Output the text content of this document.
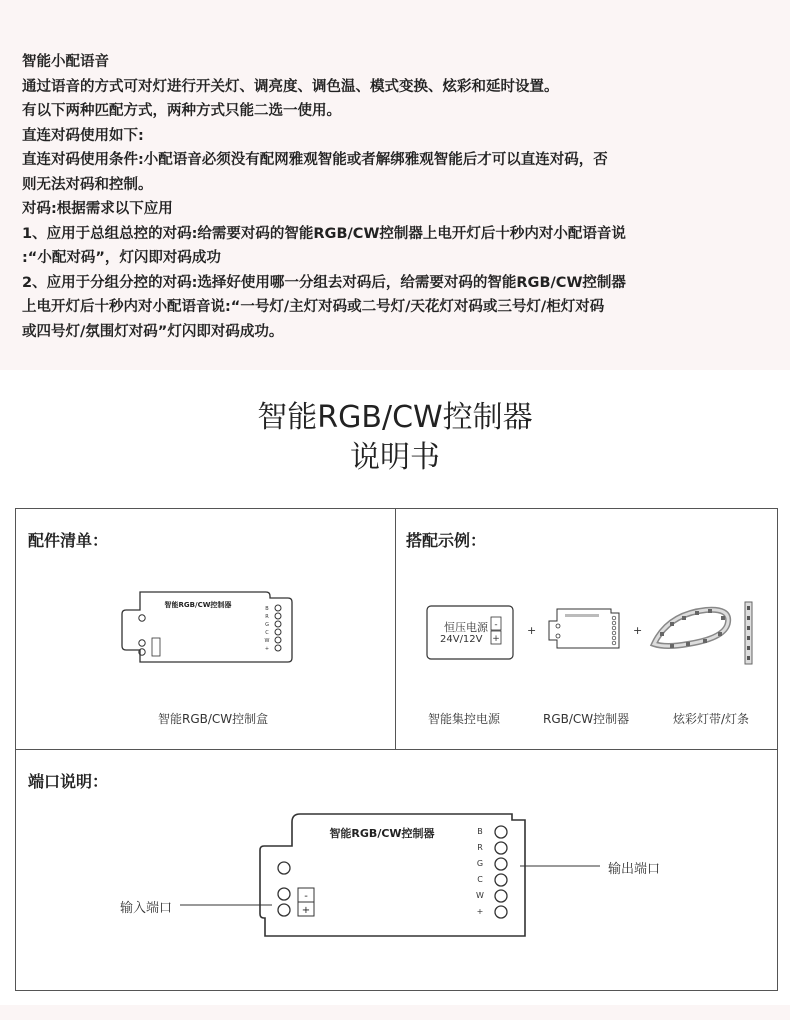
智能小配语音

通过语音的方式可对灯进行开关灯、调亮度、调色温、模式变换、炫彩和延时设置。

有以下两种匹配方式，两种方式只能二选一使用。

直连对码使用如下:

直连对码使用条件:小配语音必须没有配网雅观智能或者解绑雅观智能后才可以直连对码，否

则无法对码和控制。

对码:根据需求以下应用

1、应用于总组总控的对码:给需要对码的智能RGB/CW控制器上电开灯后十秒内对小配语音说

:“小配对码”，灯闪即对码成功

2、应用于分组分控的对码:选择好使用哪一分组去对码后，给需要对码的智能RGB/CW控制器

上电开灯后十秒内对小配语音说:“一号灯/主灯对码或二号灯/天花灯对码或三号灯/柜灯对码

或四号灯/氛围灯对码”灯闪即对码成功。

智能RGB/CW控制器
说明书
配件清单：	搭配示例：
端口说明：
智能RGB/CW控制器	B
R
G
C
W
+
智能RGB/CW控制盒
-
+
恒压电源
24V/12V
+	+
智能集控电源	RGB/CW控制器	炫彩灯带/灯条
智能RGB/CW控制器
-
+
B
R
G
C
W
+
输出端口
输入端口
